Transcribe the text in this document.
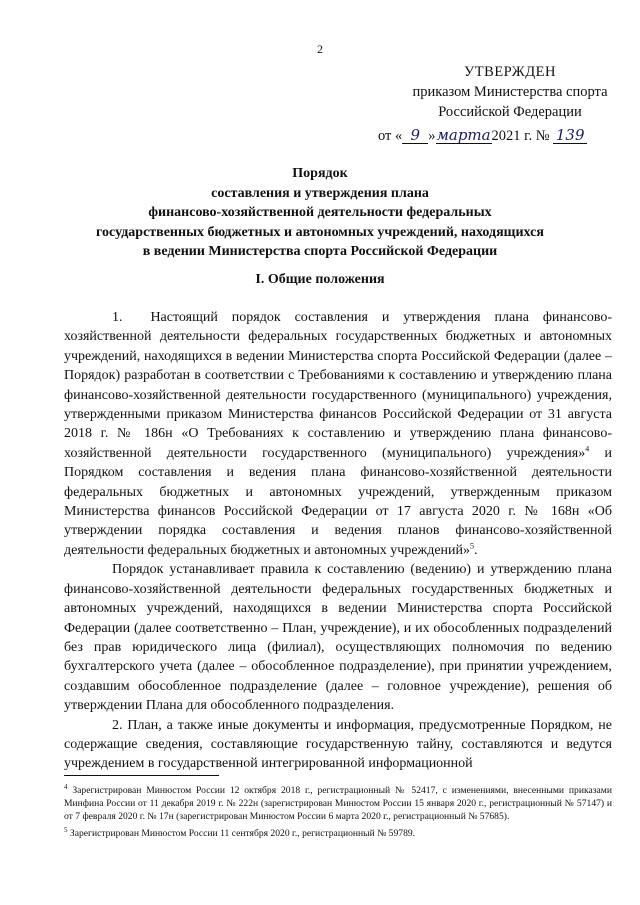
2
УТВЕРЖДЕН
приказом Министерства спорта
Российской Федерации
от « 9 »марта2021 г. № 139
Порядок
составления и утверждения плана
финансово-хозяйственной деятельности федеральных
государственных бюджетных и автономных учреждений, находящихся
в ведении Министерства спорта Российской Федерации
I. Общие положения

1.  Настоящий порядок составления и утверждения плана финансово-хозяйственной деятельности федеральных государственных бюджетных и автономных учреждений, находящихся в ведении Министерства спорта Российской Федерации (далее – Порядок) разработан в соответствии с Требованиями к составлению и утверждению плана финансово-хозяйственной деятельности государственного (муниципального) учреждения, утвержденными приказом Министерства финансов Российской Федерации от 31 августа 2018 г. № 186н «О Требованиях к составлению и утверждению плана финансово-хозяйственной деятельности государственного (муниципального) учреждения»$^4$ и Порядком составления и ведения плана финансово-хозяйственной деятельности федеральных бюджетных и автономных учреждений, утвержденным приказом Министерства финансов Российской Федерации от 17 августа 2020 г. № 168н «Об утверждении порядка составления и ведения планов финансово-хозяйственной деятельности федеральных бюджетных и автономных учреждений»$^5$.

Порядок устанавливает правила к составлению (ведению) и утверждению плана финансово-хозяйственной деятельности федеральных государственных бюджетных и автономных учреждений, находящихся в ведении Министерства спорта Российской Федерации (далее соответственно – План, учреждение), и их обособленных подразделений без прав юридического лица (филиал), осуществляющих полномочия по ведению бухгалтерского учета (далее – обособленное подразделение), при принятии учреждением, создавшим обособленное подразделение (далее – головное учреждение), решения об утверждении Плана для обособленного подразделения.

2. План, а также иные документы и информация, предусмотренные Порядком, не содержащие сведения, составляющие государственную тайну, составляются и ведутся учреждением в государственной интегрированной информационной

$^4$ Зарегистрирован Минюстом России 12 октября 2018 г., регистрационный № 52417, с изменениями, внесенными приказами Минфина России от 11 декабря 2019 г. № 222н (зарегистрирован Минюстом России 15 января 2020 г., регистрационный № 57147) и от 7 февраля 2020 г. № 17н (зарегистрирован Минюстом России 6 марта 2020 г., регистрационный № 57685).

$^5$ Зарегистрирован Минюстом России 11 сентября 2020 г., регистрационный № 59789.
